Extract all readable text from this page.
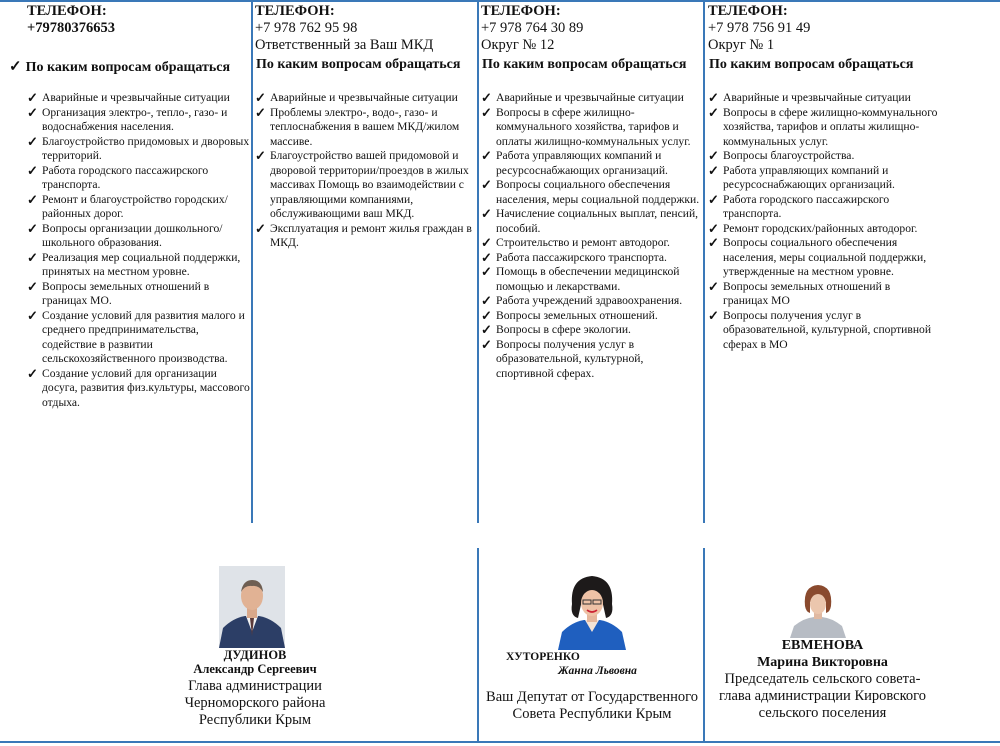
ТЕЛЕФОН:
+79780376653
✓ По каким вопросам обращаться
✓ Аварийные и чрезвычайные ситуации
✓ Организация электро-, тепло-, газо- и водоснабжения населения.
✓ Благоустройство придомовых и дворовых территорий.
✓ Работа городского пассажирского транспорта.
✓ Ремонт и благоустройство городских/ районных дорог.
✓ Вопросы организации дошкольного/ школьного образования.
✓ Реализация мер социальной поддержки, принятых на местном уровне.
✓ Вопросы земельных отношений в границах МО.
✓ Создание условий для развития малого и среднего предпринимательства, содействие в развитии сельскохозяйственного производства.
✓ Создание условий для организации досуга, развития физ.культуры, массового отдыха.
ТЕЛЕФОН:
+7 978 762 95 98
Ответственный за Ваш МКД
По каким вопросам обращаться
✓ Аварийные и чрезвычайные ситуации
✓ Проблемы электро-, водо-, газо- и теплоснабжения в вашем МКД/жилом массиве.
✓ Благоустройство вашей придомовой и дворовой территории/проездов в жилых массивах Помощь во взаимодействии с управляющими компаниями, обслуживающими ваш МКД.
✓ Эксплуатация и ремонт жилья граждан в МКД.
ТЕЛЕФОН:
+7 978 764 30 89
Округ № 12
По каким вопросам обращаться
✓ Аварийные и чрезвычайные ситуации
✓ Вопросы в сфере жилищно-коммунального хозяйства, тарифов и оплаты жилищно-коммунальных услуг.
✓ Работа управляющих компаний и ресурсоснабжающих организаций.
✓ Вопросы социального обеспечения населения, меры социальной поддержки.
✓ Начисление социальных выплат, пенсий, пособий.
✓ Строительство и ремонт автодорог.
✓ Работа пассажирского транспорта.
✓ Помощь в обеспечении медицинской помощью и лекарствами.
✓ Работа учреждений здравоохранения.
✓ Вопросы земельных отношений.
✓ Вопросы в сфере экологии.
✓ Вопросы получения услуг в образовательной, культурной, спортивной сферах.
ТЕЛЕФОН:
+7 978 756 91 49
Округ № 1
По каким вопросам обращаться
✓ Аварийные и чрезвычайные ситуации
✓ Вопросы в сфере жилищно-коммунального хозяйства, тарифов и оплаты жилищно-коммунальных услуг.
✓ Вопросы благоустройства.
✓ Работа управляющих компаний и ресурсоснабжающих организаций.
✓ Работа городского пассажирского транспорта.
✓ Ремонт городских/районных автодорог.
✓ Вопросы социального обеспечения населения, меры социальной поддержки, утвержденные на местном уровне.
✓ Вопросы земельных отношений в границах МО
✓ Вопросы получения услуг в образовательной, культурной, спортивной сферах в МО
ДУДИНОВ
Александр Сергеевич
Глава администрации
Черноморского района
Республики Крым
ХУТОРЕНКО
Жанна Львовна
Ваш Депутат от Государственного
Совета Республики Крым
ЕВМЕНОВА
Марина Викторовна
Председатель сельского совета-
глава администрации Кировского
сельского поселения
